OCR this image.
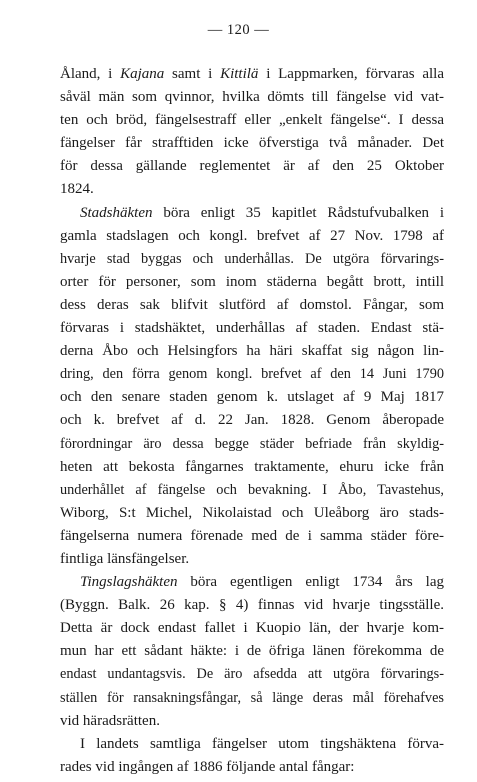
— 120 —
Åland, i Kajana samt i Kittilä i Lappmarken, förvaras alla
såväl män som qvinnor, hvilka dömts till fängelse vid vat-
ten och bröd, fängelsestraff eller „enkelt fängelse“. I dessa
fängelser får strafftiden icke öfverstiga två månader. Det
för dessa gällande reglementet är af den 25 Oktober
1824.
Stadshäkten böra enligt 35 kapitlet Rådstufvubalken i
gamla stadslagen och kongl. brefvet af 27 Nov. 1798 af
hvarje stad byggas och underhållas. De utgöra förvarings-
orter för personer, som inom städerna begått brott, intill
dess deras sak blifvit slutförd af domstol. Fångar, som
förvaras i stadshäktet, underhållas af staden. Endast stä-
derna Åbo och Helsingfors ha häri skaffat sig någon lin-
dring, den förra genom kongl. brefvet af den 14 Juni 1790
och den senare staden genom k. utslaget af 9 Maj 1817
och k. brefvet af d. 22 Jan. 1828. Genom åberopade
förordningar äro dessa begge städer befriade från skyldig-
heten att bekosta fångarnes traktamente, ehuru icke från
underhållet af fängelse och bevakning. I Åbo, Tavastehus,
Wiborg, S:t Michel, Nikolaistad och Uleåborg äro stads-
fängelserna numera förenade med de i samma städer före-
fintliga länsfängelser.
Tingslagshäkten böra egentligen enligt 1734 års lag
(Byggn. Balk. 26 kap. § 4) finnas vid hvarje tingsställe.
Detta är dock endast fallet i Kuopio län, der hvarje kom-
mun har ett sådant häkte: i de öfriga länen förekomma de
endast undantagsvis. De äro afsedda att utgöra förvarings-
ställen för ransakningsfångar, så länge deras mål förehafves
vid häradsrätten.
I landets samtliga fängelser utom tingshäktena förva-
rades vid ingången af 1886 följande antal fångar:
